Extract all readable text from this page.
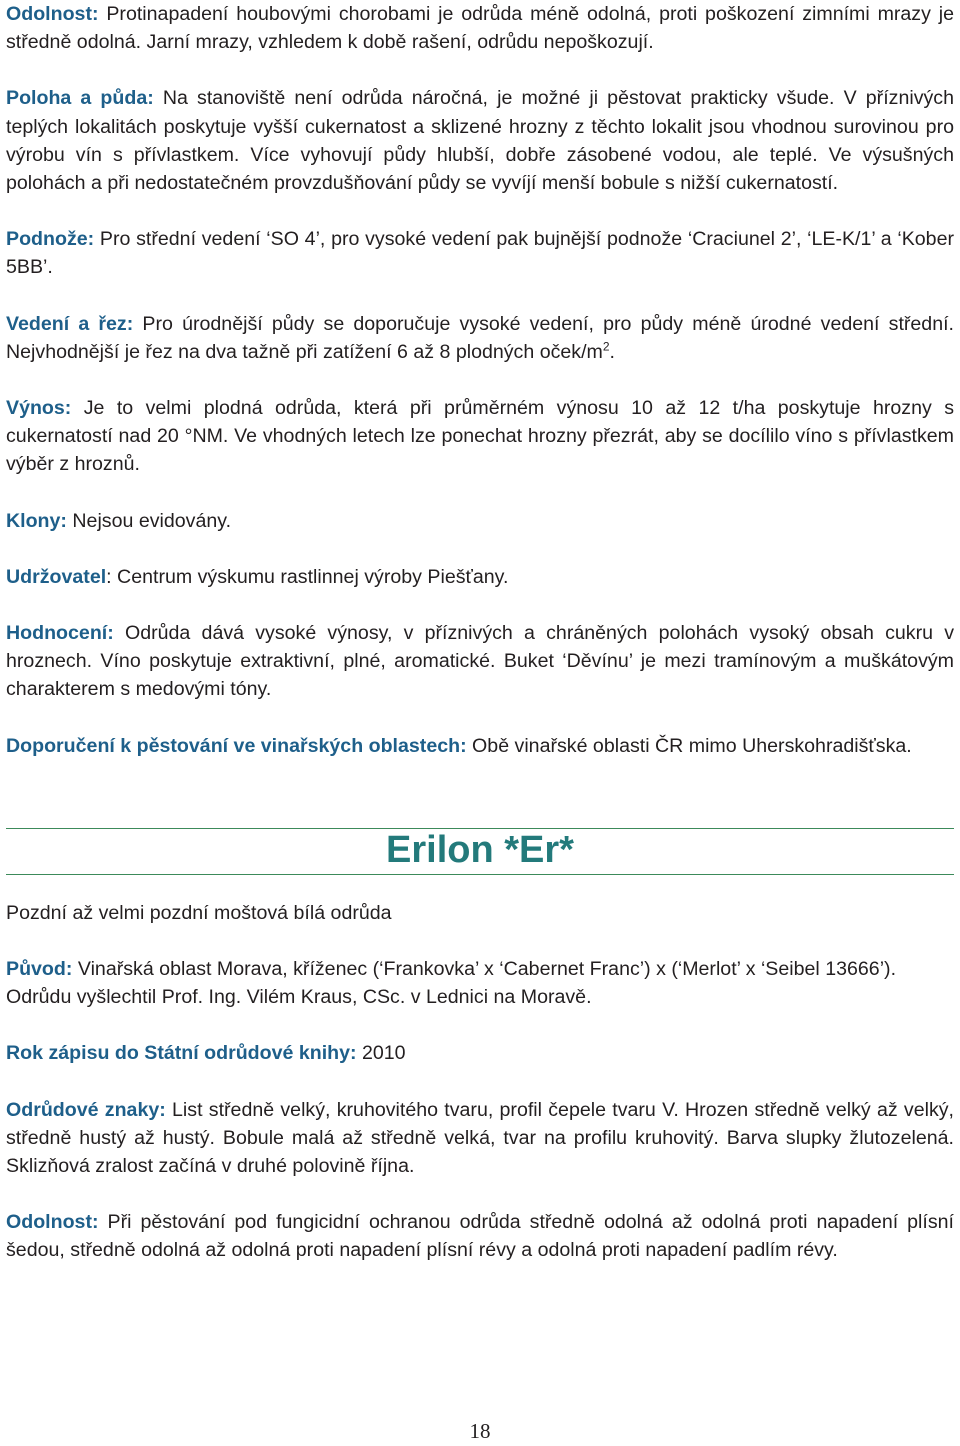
Odolnost: Protinapadení houbovými chorobami je odrůda méně odolná, proti poškození zimními mrazy je středně odolná. Jarní mrazy, vzhledem k době rašení, odrůdu nepoškozují.

Poloha a půda: Na stanoviště není odrůda náročná, je možné ji pěstovat prakticky všude. V příznivých teplých lokalitách poskytuje vyšší cukernatost a sklizené hrozny z těchto lokalit jsou vhodnou surovinou pro výrobu vín s přívlastkem. Více vyhovují půdy hlubší, dobře zásobené vodou, ale teplé. Ve výsušných polohách a při nedostatečném provzdušňování půdy se vyvíjí menší bobule s nižší cukernatostí.

Podnože: Pro střední vedení ‘SO 4’, pro vysoké vedení pak bujnější podnože ‘Craciunel 2’, ‘LE-K/1’ a ‘Kober 5BB’.

Vedení a řez: Pro úrodnější půdy se doporučuje vysoké vedení, pro půdy méně úrodné vedení střední. Nejvhodnější je řez na dva tažně při zatížení 6 až 8 plodných oček/$m^2$.

Výnos: Je to velmi plodná odrůda, která při průměrném výnosu 10 až 12 t/ha poskytuje hrozny s cukernatostí nad 20 °NM. Ve vhodných letech lze ponechat hrozny přezrát, aby se docílilo víno s přívlastkem výběr z hroznů.

Klony: Nejsou evidovány.

Udržovatel: Centrum výskumu rastlinnej výroby Piešťany.

Hodnocení: Odrůda dává vysoké výnosy, v příznivých a chráněných polohách vysoký obsah cukru v hroznech. Víno poskytuje extraktivní, plné, aromatické. Buket ‘Děvínu’ je mezi tramínovým a muškátovým charakterem s medovými tóny.

Doporučení k pěstování ve vinařských oblastech: Obě vinařské oblasti ČR mimo Uherskohradišťska.

Erilon *Er*

Pozdní až velmi pozdní moštová bílá odrůda

Původ: Vinařská oblast Morava, kříženec (‘Frankovka’ x ‘Cabernet Franc’) x (‘Merlot’ x ‘Seibel 13666’).

Odrůdu vyšlechtil Prof. Ing. Vilém Kraus, CSc. v Lednici na Moravě.

Rok zápisu do Státní odrůdové knihy: 2010

Odrůdové znaky: List středně velký, kruhovitého tvaru, profil čepele tvaru V. Hrozen středně velký až velký, středně hustý až hustý. Bobule malá až středně velká, tvar na profilu kruhovitý. Barva slupky žlutozelená. Sklizňová zralost začíná v druhé polovině října.

Odolnost: Při pěstování pod fungicidní ochranou odrůda středně odolná až odolná proti napadení plísní šedou, středně odolná až odolná proti napadení plísní révy a odolná proti napadení padlím révy.

18
